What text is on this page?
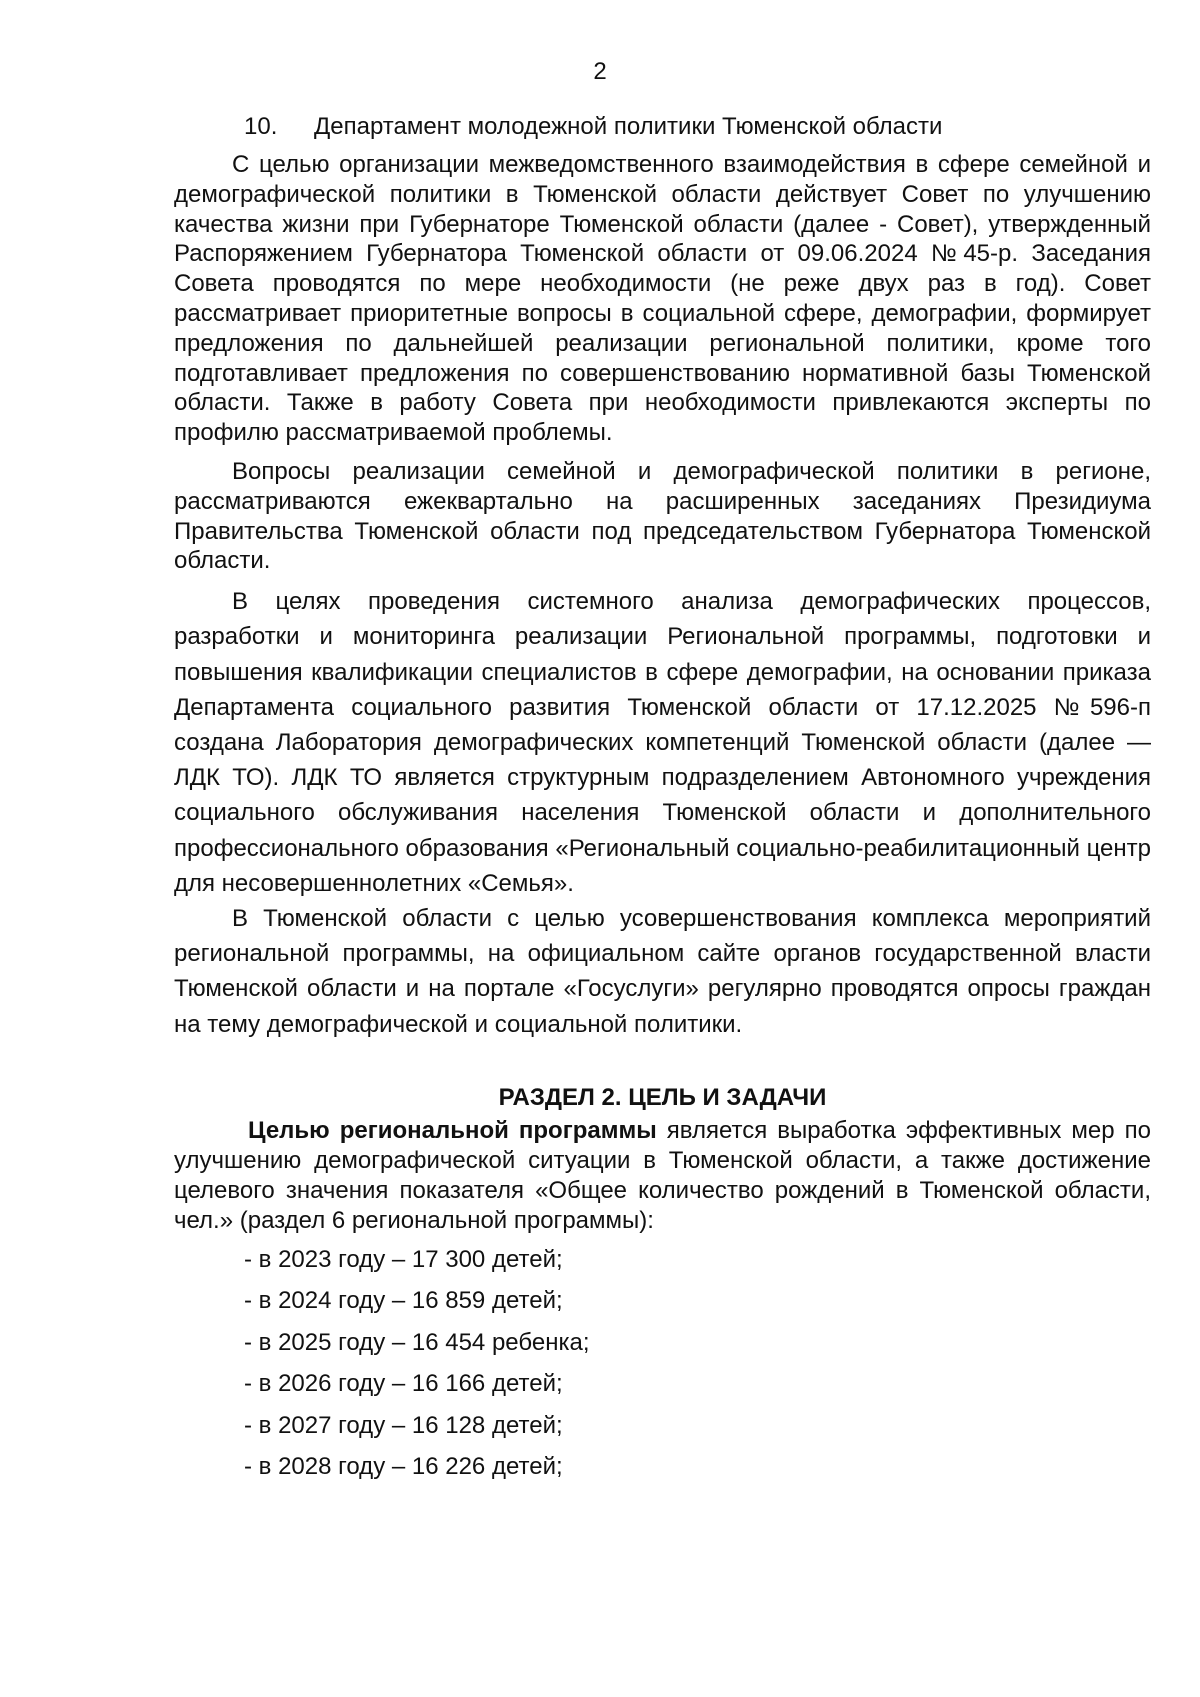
2
10. Департамент молодежной политики Тюменской области

С целью организации межведомственного взаимодействия в сфере семейной и демографической политики в Тюменской области действует Совет по улучшению качества жизни при Губернаторе Тюменской области (далее - Совет), утвержденный Распоряжением Губернатора Тюменской области от 09.06.2024 №45-р. Заседания Совета проводятся по мере необходимости (не реже двух раз в год). Совет рассматривает приоритетные вопросы в социальной сфере, демографии, формирует предложения по дальнейшей реализации региональной политики, кроме того подготавливает предложения по совершенствованию нормативной базы Тюменской области. Также в работу Совета при необходимости привлекаются эксперты по профилю рассматриваемой проблемы.

Вопросы реализации семейной и демографической политики в регионе, рассматриваются ежеквартально на расширенных заседаниях Президиума Правительства Тюменской области под председательством Губернатора Тюменской области.

В целях проведения системного анализа демографических процессов, разработки и мониторинга реализации Региональной программы, подготовки и повышения квалификации специалистов в сфере демографии, на основании приказа Департамента социального развития Тюменской области от 17.12.2025 №596-п создана Лаборатория демографических компетенций Тюменской области (далее — ЛДК ТО). ЛДК ТО является структурным подразделением Автономного учреждения социального обслуживания населения Тюменской области и дополнительного профессионального образования «Региональный социально-реабилитационный центр для несовершеннолетних «Семья».

В Тюменской области с целью усовершенствования комплекса мероприятий региональной программы, на официальном сайте органов государственной власти Тюменской области и на портале «Госуслуги» регулярно проводятся опросы граждан на тему демографической и социальной политики.

РАЗДЕЛ 2. ЦЕЛЬ И ЗАДАЧИ

Целью региональной программы является выработка эффективных мер по улучшению демографической ситуации в Тюменской области, а также достижение целевого значения показателя «Общее количество рождений в Тюменской области, чел.» (раздел 6 региональной программы):

- в 2023 году – 17 300 детей;
- в 2024 году – 16 859 детей;
- в 2025 году – 16 454 ребенка;
- в 2026 году – 16 166 детей;
- в 2027 году – 16 128 детей;
- в 2028 году – 16 226 детей;
